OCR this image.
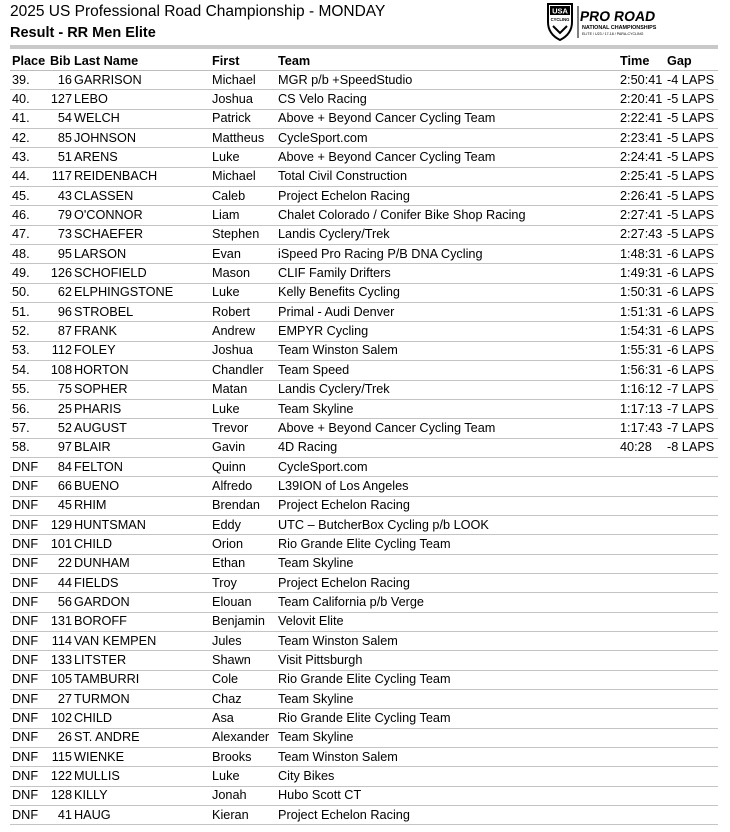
2025 US Professional Road Championship - MONDAY
Result - RR Men Elite
USA
CYCLING PRO ROAD
NATIONAL CHAMPIONSHIPS
ELITE / U23 / 17-18 / PARA-CYCLING
Place	Bib	Last Name	First	Team	Time	Gap
39.	16	GARRISON	Michael	MGR p/b +SpeedStudio	2:50:41	-4 LAPS
40.	127	LEBO	Joshua	CS Velo Racing	2:20:41	-5 LAPS
41.	54	WELCH	Patrick	Above + Beyond Cancer Cycling Team	2:22:41	-5 LAPS
42.	85	JOHNSON	Mattheus	CycleSport.com	2:23:41	-5 LAPS
43.	51	ARENS	Luke	Above + Beyond Cancer Cycling Team	2:24:41	-5 LAPS
44.	117	REIDENBACH	Michael	Total Civil Construction	2:25:41	-5 LAPS
45.	43	CLASSEN	Caleb	Project Echelon Racing	2:26:41	-5 LAPS
46.	79	O'CONNOR	Liam	Chalet Colorado / Conifer Bike Shop Racing	2:27:41	-5 LAPS
47.	73	SCHAEFER	Stephen	Landis Cyclery/Trek	2:27:43	-5 LAPS
48.	95	LARSON	Evan	iSpeed Pro Racing P/B DNA Cycling	1:48:31	-6 LAPS
49.	126	SCHOFIELD	Mason	CLIF Family Drifters	1:49:31	-6 LAPS
50.	62	ELPHINGSTONE	Luke	Kelly Benefits Cycling	1:50:31	-6 LAPS
51.	96	STROBEL	Robert	Primal - Audi Denver	1:51:31	-6 LAPS
52.	87	FRANK	Andrew	EMPYR Cycling	1:54:31	-6 LAPS
53.	112	FOLEY	Joshua	Team Winston Salem	1:55:31	-6 LAPS
54.	108	HORTON	Chandler	Team Speed	1:56:31	-6 LAPS
55.	75	SOPHER	Matan	Landis Cyclery/Trek	1:16:12	-7 LAPS
56.	25	PHARIS	Luke	Team Skyline	1:17:13	-7 LAPS
57.	52	AUGUST	Trevor	Above + Beyond Cancer Cycling Team	1:17:43	-7 LAPS
58.	97	BLAIR	Gavin	4D Racing	40:28	-8 LAPS
DNF	84	FELTON	Quinn	CycleSport.com		
DNF	66	BUENO	Alfredo	L39ION of Los Angeles		
DNF	45	RHIM	Brendan	Project Echelon Racing		
DNF	129	HUNTSMAN	Eddy	UTC – ButcherBox Cycling p/b LOOK		
DNF	101	CHILD	Orion	Rio Grande Elite Cycling Team		
DNF	22	DUNHAM	Ethan	Team Skyline		
DNF	44	FIELDS	Troy	Project Echelon Racing		
DNF	56	GARDON	Elouan	Team California p/b Verge		
DNF	131	BOROFF	Benjamin	Velovit Elite		
DNF	114	VAN KEMPEN	Jules	Team Winston Salem		
DNF	133	LITSTER	Shawn	Visit Pittsburgh		
DNF	105	TAMBURRI	Cole	Rio Grande Elite Cycling Team		
DNF	27	TURMON	Chaz	Team Skyline		
DNF	102	CHILD	Asa	Rio Grande Elite Cycling Team		
DNF	26	ST. ANDRE	Alexander	Team Skyline		
DNF	115	WIENKE	Brooks	Team Winston Salem		
DNF	122	MULLIS	Luke	City Bikes		
DNF	128	KILLY	Jonah	Hubo Scott CT		
DNF	41	HAUG	Kieran	Project Echelon Racing		
